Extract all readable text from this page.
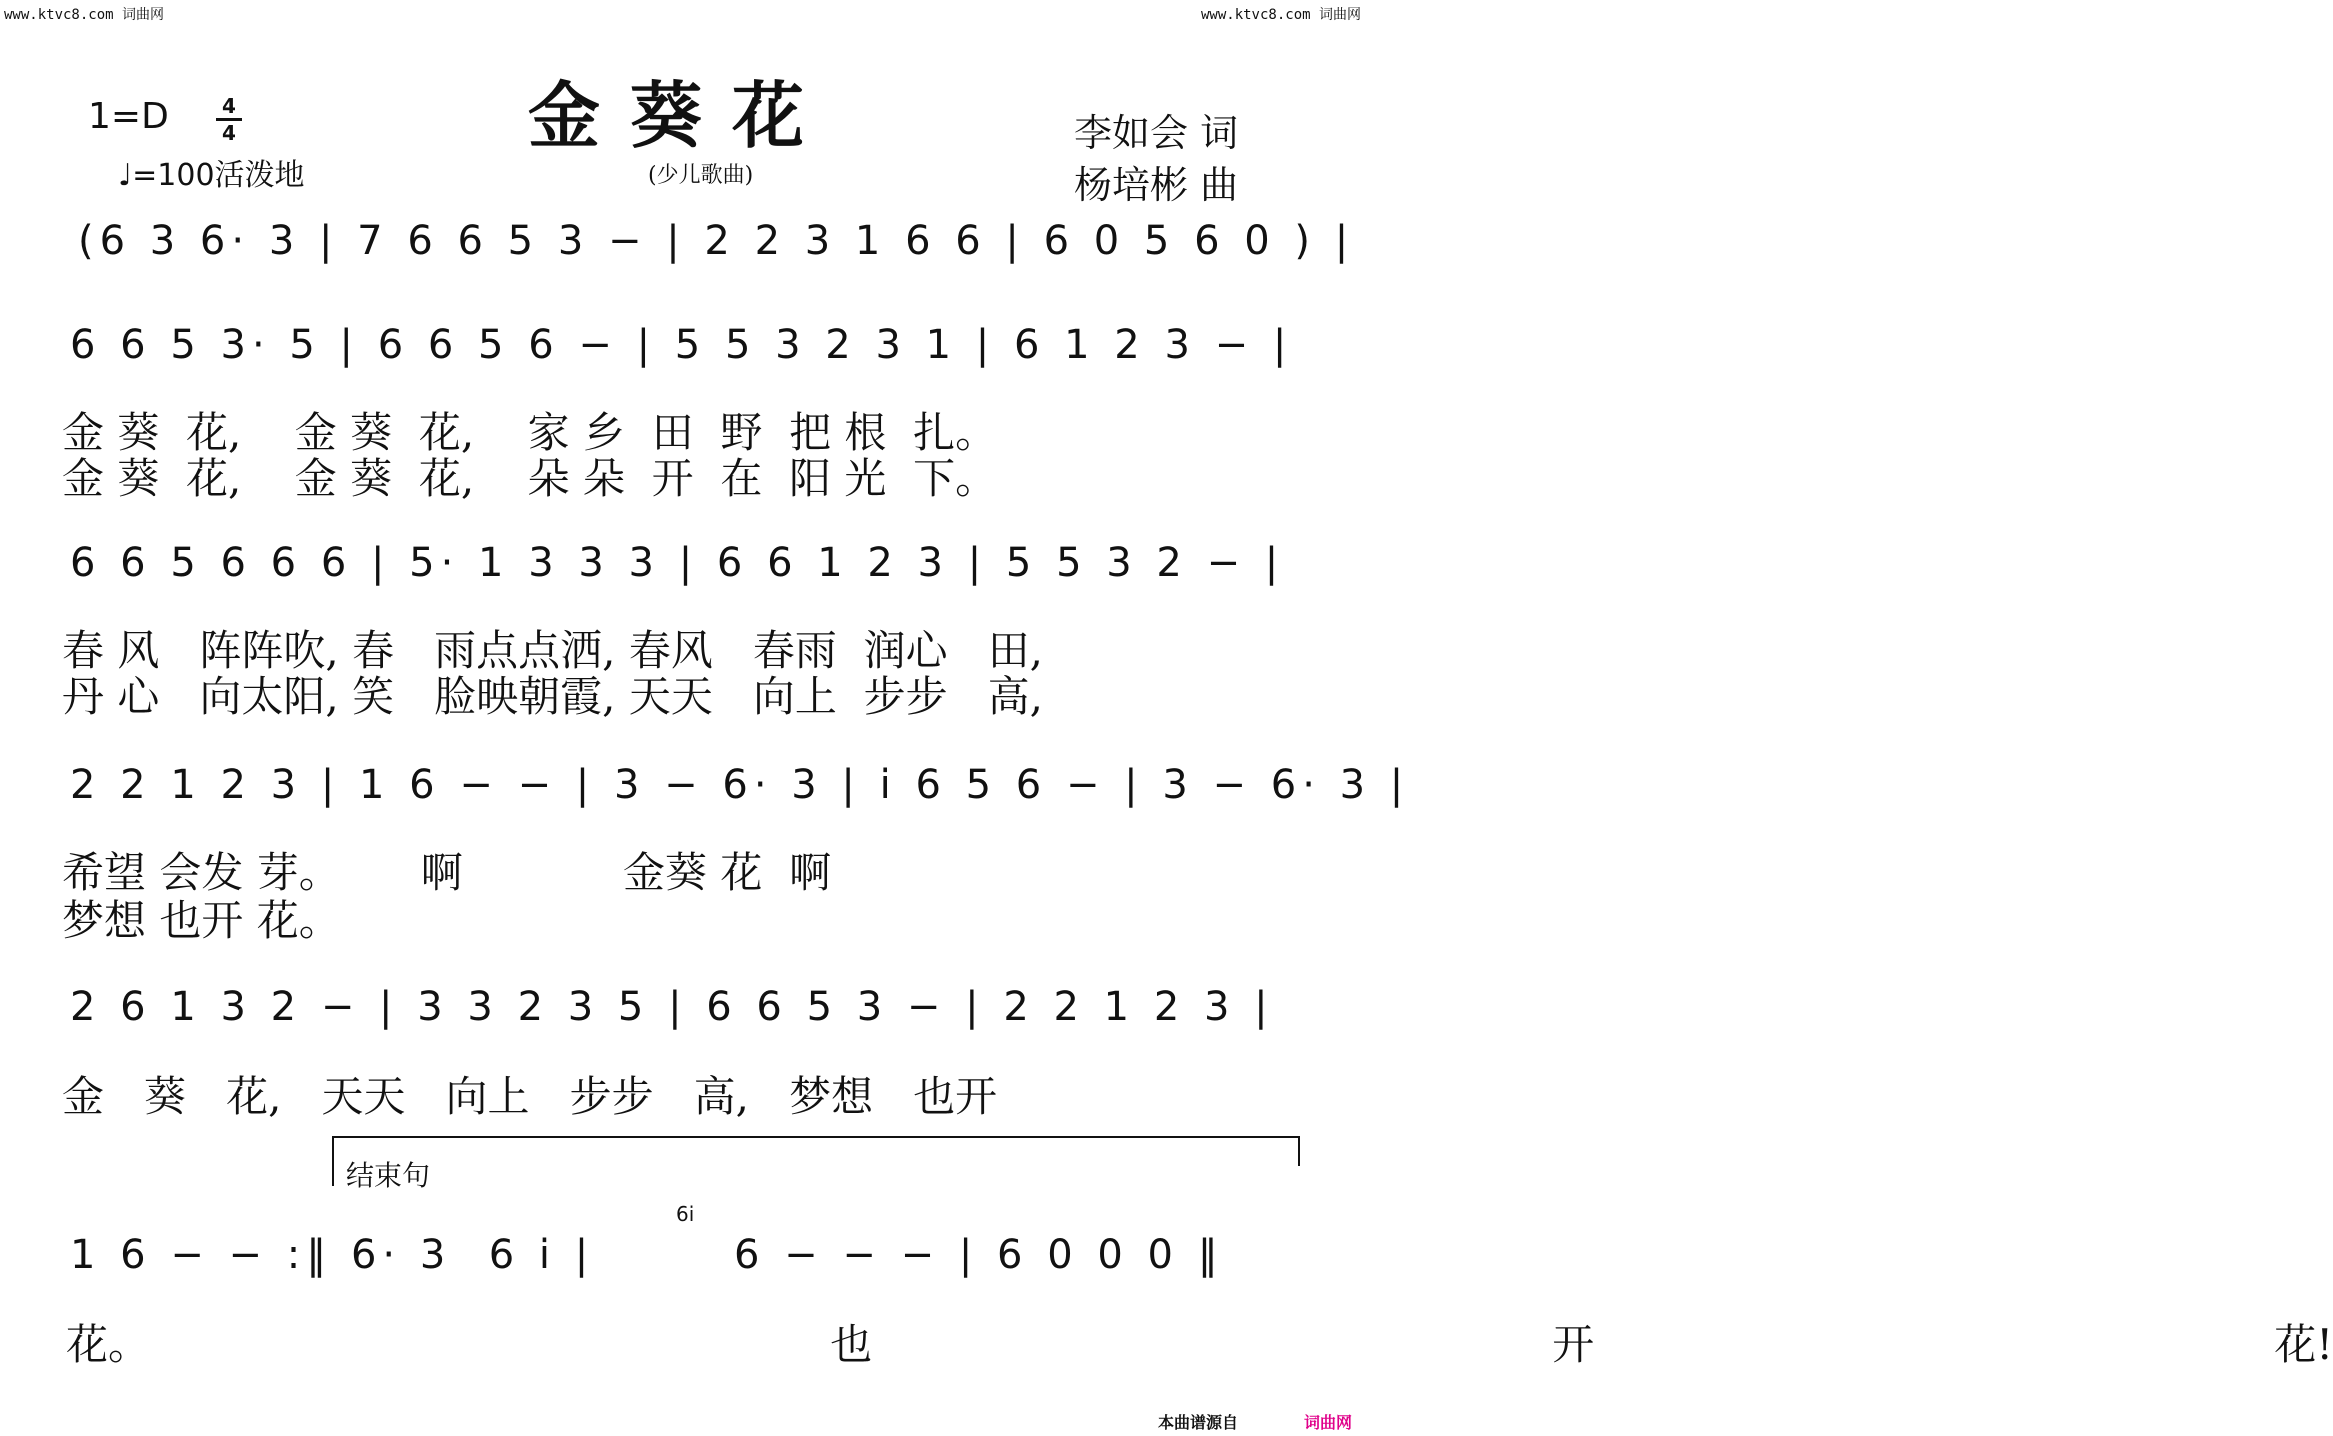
www.ktvc8.com 词曲网	www.ktvc8.com 词曲网
1=D	4
4
♩=100活泼地
金葵花
(少儿歌曲)
李如会 词
杨培彬 曲
(6 3 6· 3 | 7 6 6 5 3 − | 2 2 3 1 6 6 | 6 0 5 6 0 ) |
6 6 5 3· 5 | 6 6 5 6 − | 5 5 3 2 3 1 | 6 1 2 3 − |
金 葵  花,    金 葵  花,    家 乡  田  野  把 根  扎。
金 葵  花,    金 葵  花,    朵 朵  开  在  阳 光  下。
6 6 5 6 6 6 | 5· 1 3 3 3 | 6 6 1 2 3 | 5 5 3 2 − |
春 风   阵阵吹, 春   雨点点洒, 春风   春雨  润心   田,
丹 心   向太阳, 笑   脸映朝霞, 天天   向上  步步   高,
2 2 1 2 3 | 1 6 − − | 3 − 6· 3 | i 6 5 6 − | 3 − 6· 3 |
希望 会发 芽。      啊            金葵 花  啊
梦想 也开 花。
2 6 1 3 2 − | 3 3 2 3 5 | 6 6 5 3 − | 2 2 1 2 3 |
金   葵   花,   天天   向上   步步   高,   梦想   也开
结束句
1 6 − − :‖ 6· 3  6 i |
6i
6 − − − | 6 0 0 0 ‖
花。      也      开      花!
本曲谱源自	词曲网
